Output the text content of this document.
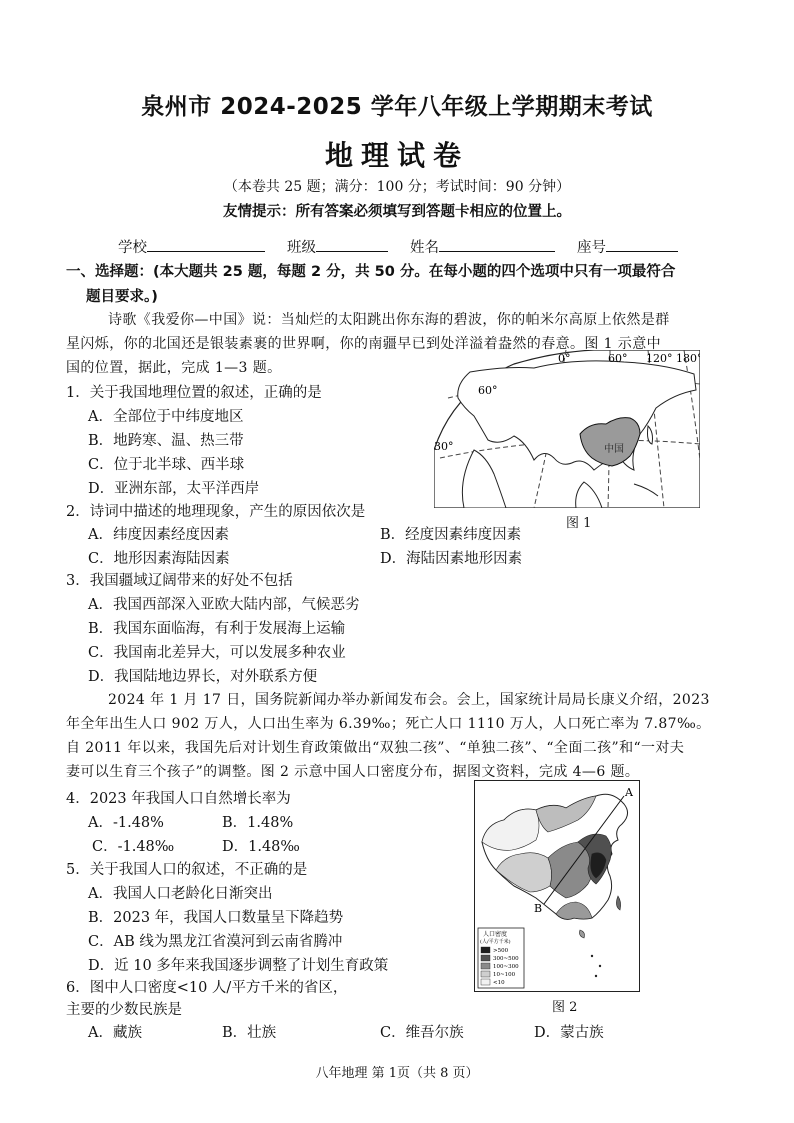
泉州市 2024-2025 学年八年级上学期期末考试
地理试卷
（本卷共 25 题；满分：100 分；考试时间：90 分钟）
友情提示：所有答案必须填写到答题卡相应的位置上。
学校	班级	姓名	座号
一、选择题：(本大题共 25 题，每题 2 分，共 50 分。在每小题的四个选项中只有一项最符合
题目要求。)
诗歌《我爱你—中国》说：当灿烂的太阳跳出你东海的碧波，你的帕米尔高原上依然是群
星闪烁，你的北国还是银装素裹的世界啊，你的南疆早已到处洋溢着盎然的春意。图 1 示意中
国的位置，据此，完成 1—3 题。
1．关于我国地理位置的叙述，正确的是
A．全部位于中纬度地区
B．地跨寒、温、热三带
C．位于北半球、西半球
D．亚洲东部，太平洋西岸
2．诗词中描述的地理现象，产生的原因依次是
A．纬度因素经度因素	B．经度因素纬度因素
C．地形因素海陆因素	D．海陆因素地形因素
中国
0°	60° 120° 180°
60°
30°
图 1
3．我国疆域辽阔带来的好处不包括
A．我国西部深入亚欧大陆内部，气候恶劣
B．我国东面临海，有利于发展海上运输
C．我国南北差异大，可以发展多种农业
D．我国陆地边界长，对外联系方便
2024 年 1 月 17 日，国务院新闻办举办新闻发布会。会上，国家统计局局长康义介绍，2023
年全年出生人口 902 万人，人口出生率为 6.39‰；死亡人口 1110 万人，人口死亡率为 7.87‰。
自 2011 年以来，我国先后对计划生育政策做出“双独二孩”、“单独二孩”、“全面二孩”和“一对夫
妻可以生育三个孩子”的调整。图 2 示意中国人口密度分布，据图文资料，完成 4—6 题。
4．2023 年我国人口自然增长率为
A．-1.48%	B．1.48%
C．-1.48‰	D．1.48‰
5．关于我国人口的叙述，不正确的是
A．我国人口老龄化日渐突出
B．2023 年，我国人口数量呈下降趋势
C．AB 线为黑龙江省漠河到云南省腾冲
D．近 10 多年来我国逐步调整了计划生育政策
6．图中人口密度<10 人/平方千米的省区，
主要的少数民族是
A．藏族	B．壮族	C．维吾尔族	D．蒙古族
A
B
人口密度
(人/平方千米)
>500
300~500
100~300
10~100
<10
图 2
八年地理 第 1页（共 8 页）
